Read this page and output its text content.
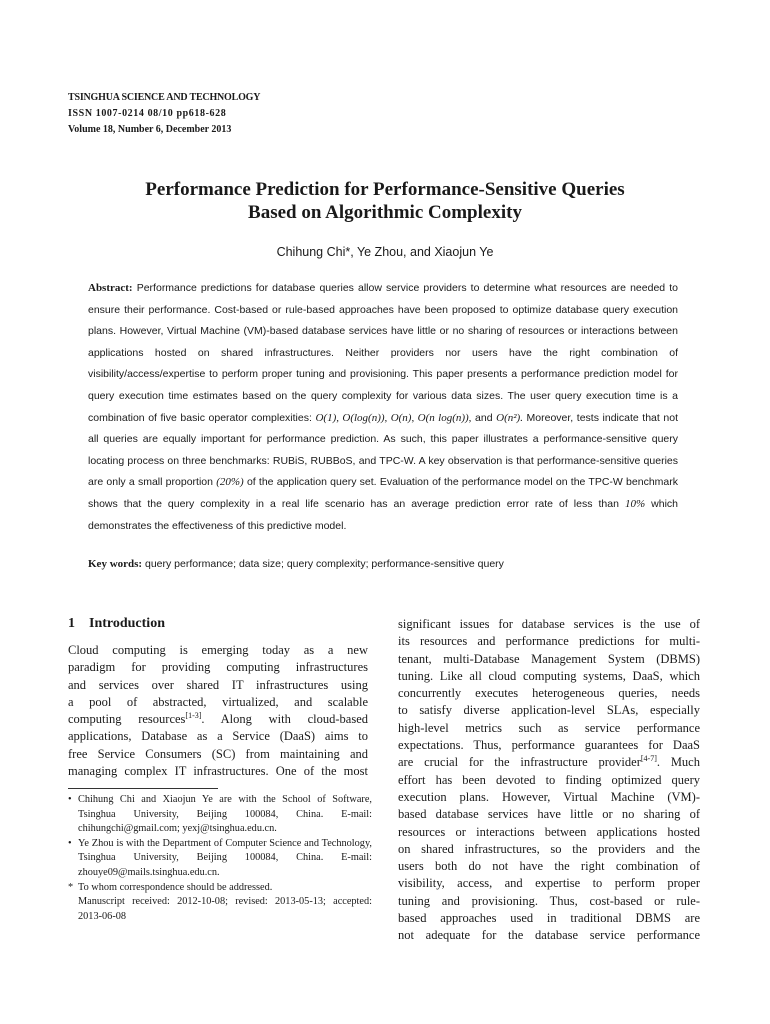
TSINGHUA SCIENCE AND TECHNOLOGY
ISSN 1007-0214 08/10 pp618-628
Volume 18, Number 6, December 2013
Performance Prediction for Performance-Sensitive Queries
Based on Algorithmic Complexity
Chihung Chi*, Ye Zhou, and Xiaojun Ye

Abstract: Performance predictions for database queries allow service providers to determine what resources are needed to ensure their performance. Cost-based or rule-based approaches have been proposed to optimize database query execution plans. However, Virtual Machine (VM)-based database services have little or no sharing of resources or interactions between applications hosted on shared infrastructures. Neither providers nor users have the right combination of visibility/access/expertise to perform proper tuning and provisioning. This paper presents a performance prediction model for query execution time estimates based on the query complexity for various data sizes. The user query execution time is a combination of five basic operator complexities: O(1), O(log(n)), O(n), O(n log(n)), and O(n²). Moreover, tests indicate that not all queries are equally important for performance prediction. As such, this paper illustrates a performance-sensitive query locating process on three benchmarks: RUBiS, RUBBoS, and TPC-W. A key observation is that performance-sensitive queries are only a small proportion (20%) of the application query set. Evaluation of the performance model on the TPC-W benchmark shows that the query complexity in a real life scenario has an average prediction error rate of less than 10% which demonstrates the effectiveness of this predictive model.

Key words: query performance; data size; query complexity; performance-sensitive query

1 Introduction
Cloud computing is emerging today as a new
paradigm for providing computing infrastructures
and services over shared IT infrastructures using
a pool of abstracted, virtualized, and scalable
computing resources[1-3]. Along with cloud-based
applications, Database as a Service (DaaS) aims to
free Service Consumers (SC) from maintaining and
managing complex IT infrastructures. One of the most
• Chihung Chi and Xiaojun Ye are with the School of Software, Tsinghua University, Beijing 100084, China. E-mail: chihungchi@gmail.com; yexj@tsinghua.edu.cn.
• Ye Zhou is with the Department of Computer Science and Technology, Tsinghua University, Beijing 100084, China. E-mail: zhouye09@mails.tsinghua.edu.cn.
* To whom correspondence should be addressed.
Manuscript received: 2012-10-08; revised: 2013-05-13; accepted: 2013-06-08
significant issues for database services is the use of
its resources and performance predictions for multi-
tenant, multi-Database Management System (DBMS)
tuning. Like all cloud computing systems, DaaS, which
concurrently executes heterogeneous queries, needs
to satisfy diverse application-level SLAs, especially
high-level metrics such as service performance
expectations. Thus, performance guarantees for DaaS
are crucial for the infrastructure provider[4-7]. Much
effort has been devoted to finding optimized query
execution plans. However, Virtual Machine (VM)-
based database services have little or no sharing of
resources or interactions between applications hosted
on shared infrastructures, so the providers and the
users both do not have the right combination of
visibility, access, and expertise to perform proper
tuning and provisioning. Thus, cost-based or rule-
based approaches used in traditional DBMS are
not adequate for the database service performance
